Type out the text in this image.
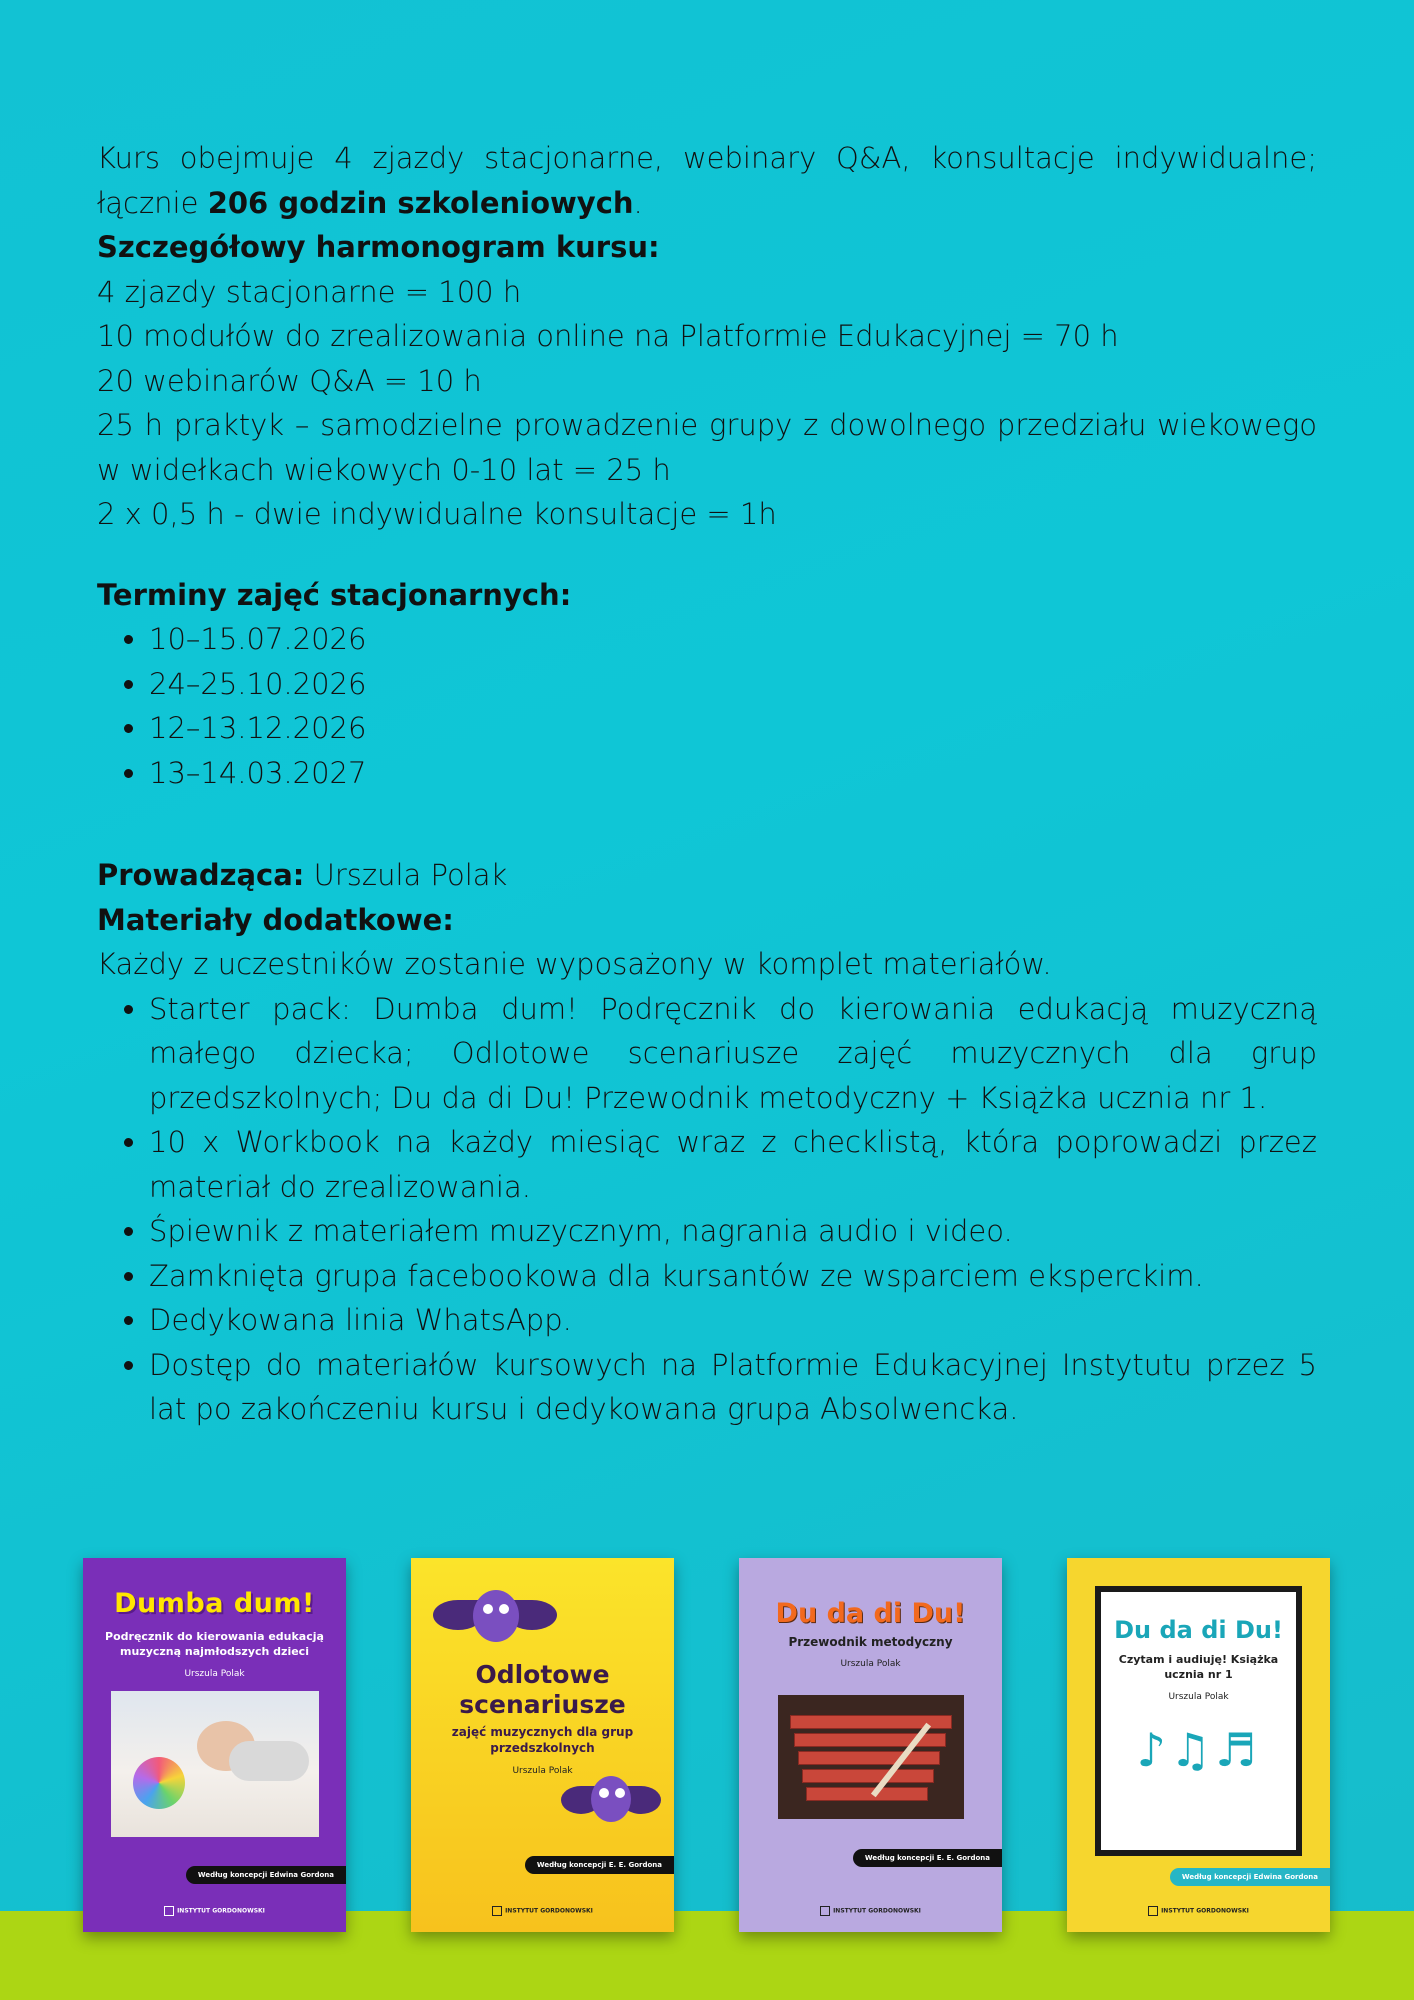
Kurs obejmuje 4 zjazdy stacjonarne, webinary Q&A, konsultacje indywidualne; łącznie 206 godzin szkoleniowych.

Szczegółowy harmonogram kursu:

4 zjazdy stacjonarne = 100 h

10 modułów do zrealizowania online na Platformie Edukacyjnej = 70 h

20 webinarów Q&A = 10 h

25 h praktyk – samodzielne prowadzenie grupy z dowolnego przedziału wiekowego w widełkach wiekowych 0-10 lat = 25 h

2 x 0,5 h - dwie indywidualne konsultacje = 1h

Terminy zajęć stacjonarnych:

• 10–15.07.2026
• 24–25.10.2026
• 12–13.12.2026
• 13–14.03.2027

Prowadząca: Urszula Polak

Materiały dodatkowe:

Każdy z uczestników zostanie wyposażony w komplet materiałów.

• Starter pack: Dumba dum! Podręcznik do kierowania edukacją muzyczną małego dziecka; Odlotowe scenariusze zajęć muzycznych dla grup przedszkolnych; Du da di Du! Przewodnik metodyczny + Książka ucznia nr 1.
• 10 x Workbook na każdy miesiąc wraz z checklistą, która poprowadzi przez materiał do zrealizowania.
• Śpiewnik z materiałem muzycznym, nagrania audio i video.
• Zamknięta grupa facebookowa dla kursantów ze wsparciem eksperckim.
• Dedykowana linia WhatsApp.
• Dostęp do materiałów kursowych na Platformie Edukacyjnej Instytutu przez 5 lat po zakończeniu kursu i dedykowana grupa Absolwencka.
Dumba dum!
Podręcznik do kierowania edukacją muzyczną najmłodszych dzieci
Urszula Polak
Według koncepcji Edwina Gordona
INSTYTUT GORDONOWSKI
Odlotowe scenariusze
zajęć muzycznych dla grup przedszkolnych
Urszula Polak
Według koncepcji E. E. Gordona
INSTYTUT GORDONOWSKI
Du da di Du!
Przewodnik metodyczny
Urszula Polak
Według koncepcji E. E. Gordona
INSTYTUT GORDONOWSKI
Du da di Du!
Czytam i audiuję! Książka ucznia nr 1
Urszula Polak
♪♫♬
Według koncepcji Edwina Gordona
INSTYTUT GORDONOWSKI
